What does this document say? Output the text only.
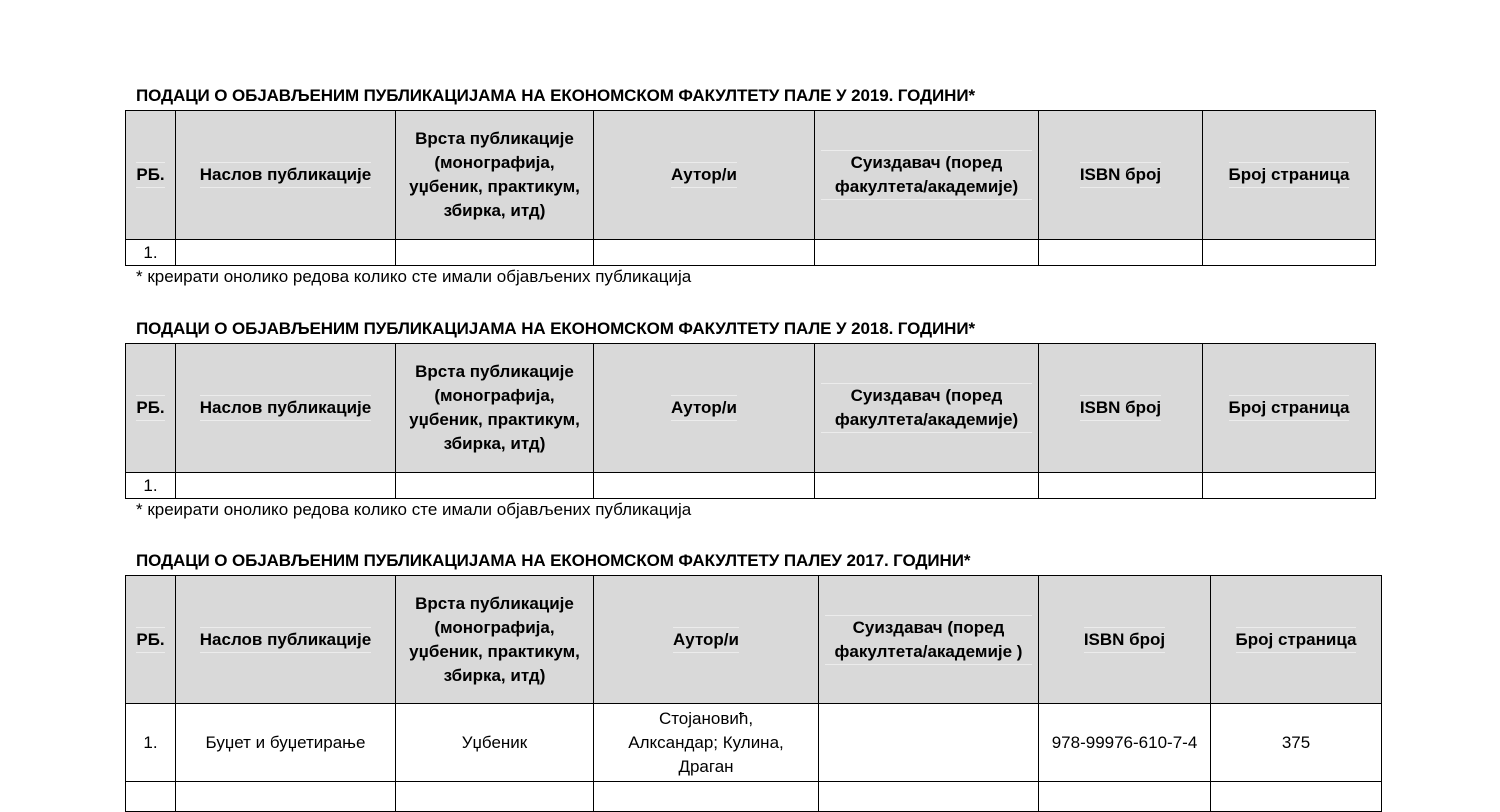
ПОДАЦИ О ОБЈАВЉЕНИМ ПУБЛИКАЦИЈАМА НА ЕКОНОМСКОМ ФАКУЛТЕТУ ПАЛЕ У 2019. ГОДИНИ*
РБ.	Наслов публикације	Врста публикације (монографија, уџбеник, практикум, збирка, итд)	Аутор/и	Суиздавач (поред факултета/академије)	ISBN број	Број страница
1.						
* креирати онолико редова колико сте имали објављених публикација
ПОДАЦИ О ОБЈАВЉЕНИМ ПУБЛИКАЦИЈАМА НА ЕКОНОМСКОМ ФАКУЛТЕТУ ПАЛЕ У 2018. ГОДИНИ*
РБ.	Наслов публикације	Врста публикације (монографија, уџбеник, практикум, збирка, итд)	Аутор/и	Суиздавач (поред факултета/академије)	ISBN број	Број страница
1.						
* креирати онолико редова колико сте имали објављених публикација
ПОДАЦИ О ОБЈАВЉЕНИМ ПУБЛИКАЦИЈАМА НА ЕКОНОМСКОМ ФАКУЛТЕТУ ПАЛЕУ 2017. ГОДИНИ*
РБ.	Наслов публикације	Врста публикације (монографија, уџбеник, практикум, збирка, итд)	Аутор/и	Суиздавач (поред факултета/академије )	ISBN број	Број страница
1.	Буџет и буџетирање	Уџбеник	Стојановић, Алксандар; Кулина, Драган		978-99976-610-7-4	375
